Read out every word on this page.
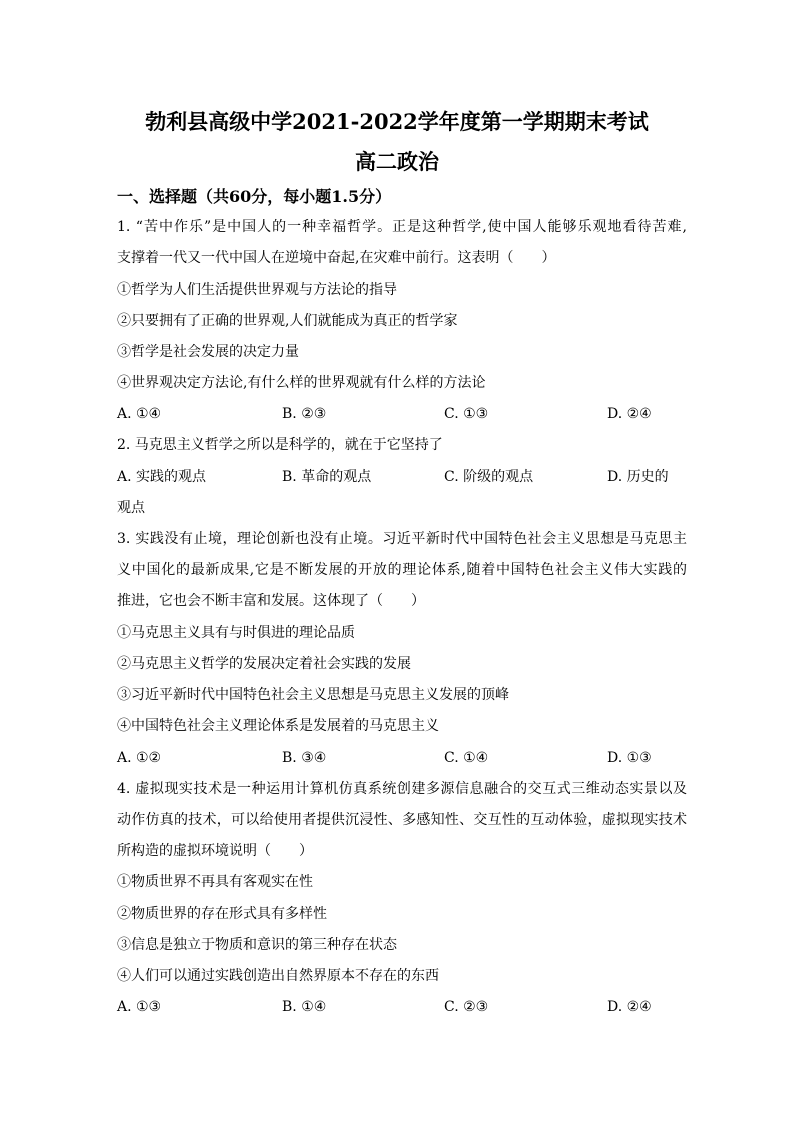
勃利县高级中学2021-2022学年度第一学期期末考试
高二政治
一、选择题（共60分，每小题1.5分）
1. “苦中作乐”是中国人的一种幸福哲学。正是这种哲学,使中国人能够乐观地看待苦难,
支撑着一代又一代中国人在逆境中奋起,在灾难中前行。这表明（　　）
①哲学为人们生活提供世界观与方法论的指导
②只要拥有了正确的世界观,人们就能成为真正的哲学家
③哲学是社会发展的决定力量
④世界观决定方法论,有什么样的世界观就有什么样的方法论
A. ①④	B. ②③	C. ①③	D. ②④
2. 马克思主义哲学之所以是科学的，就在于它坚持了
A. 实践的观点	B. 革命的观点	C. 阶级的观点	D. 历史的
观点
3. 实践没有止境，理论创新也没有止境。习近平新时代中国特色社会主义思想是马克思主
义中国化的最新成果,它是不断发展的开放的理论体系,随着中国特色社会主义伟大实践的
推进，它也会不断丰富和发展。这体现了（　　）
①马克思主义具有与时俱进的理论品质
②马克思主义哲学的发展决定着社会实践的发展
③习近平新时代中国特色社会主义思想是马克思主义发展的顶峰
④中国特色社会主义理论体系是发展着的马克思主义
A. ①②	B. ③④	C. ①④	D. ①③
4. 虚拟现实技术是一种运用计算机仿真系统创建多源信息融合的交互式三维动态实景以及
动作仿真的技术，可以给使用者提供沉浸性、多感知性、交互性的互动体验，虚拟现实技术
所构造的虚拟环境说明（　　）
①物质世界不再具有客观实在性
②物质世界的存在形式具有多样性
③信息是独立于物质和意识的第三种存在状态
④人们可以通过实践创造出自然界原本不存在的东西
A. ①③	B. ①④	C. ②③	D. ②④
